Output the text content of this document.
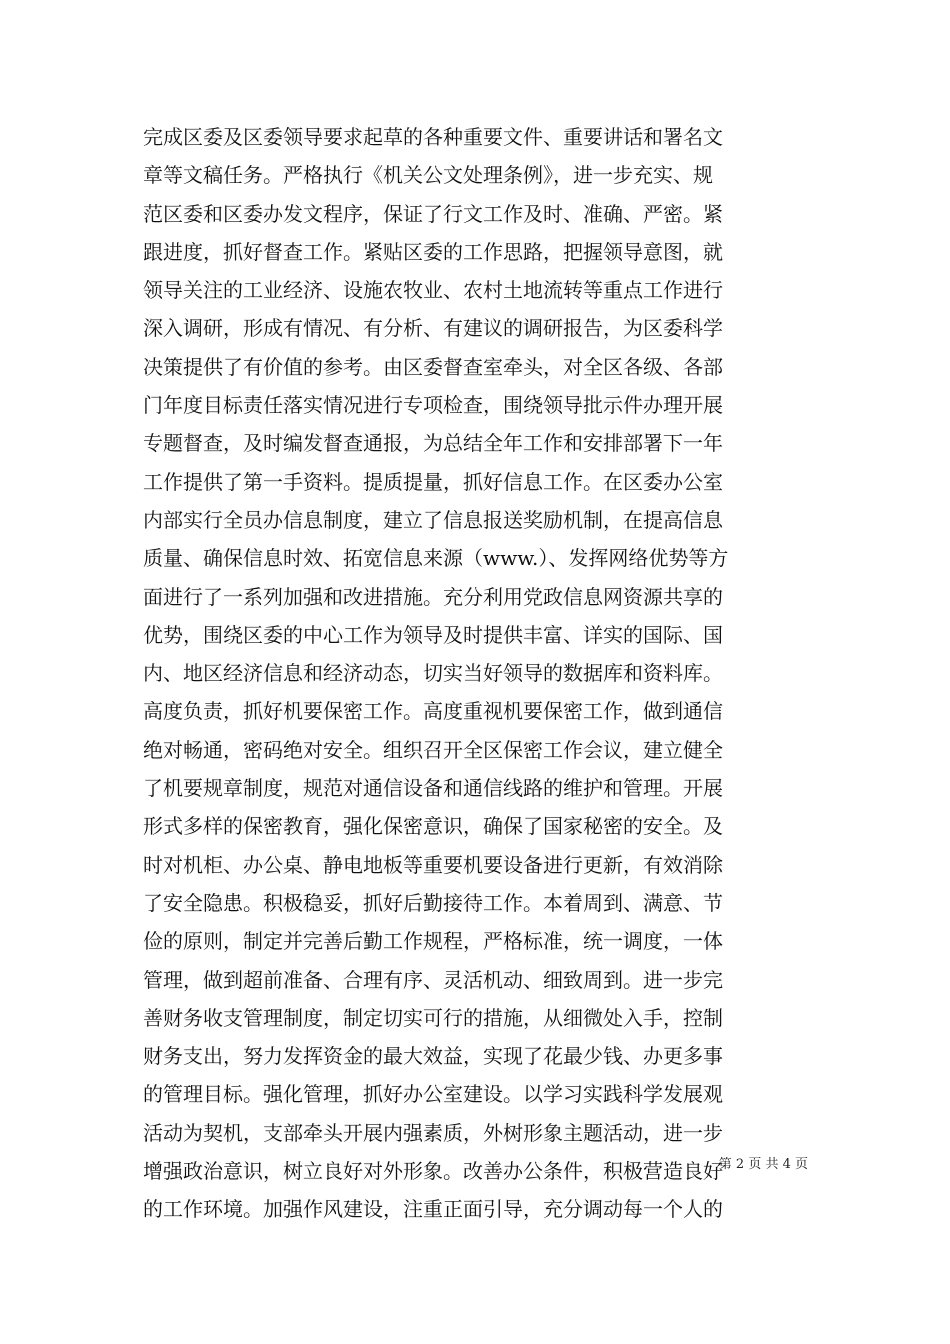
完成区委及区委领导要求起草的各种重要文件、重要讲话和署名文
章等文稿任务。严格执行《机关公文处理条例》，进一步充实、规
范区委和区委办发文程序，保证了行文工作及时、准确、严密。紧
跟进度，抓好督查工作。紧贴区委的工作思路，把握领导意图，就
领导关注的工业经济、设施农牧业、农村土地流转等重点工作进行
深入调研，形成有情况、有分析、有建议的调研报告，为区委科学
决策提供了有价值的参考。由区委督查室牵头，对全区各级、各部
门年度目标责任落实情况进行专项检查，围绕领导批示件办理开展
专题督查，及时编发督查通报，为总结全年工作和安排部署下一年
工作提供了第一手资料。提质提量，抓好信息工作。在区委办公室
内部实行全员办信息制度，建立了信息报送奖励机制，在提高信息
质量、确保信息时效、拓宽信息来源（www.）、发挥网络优势等方
面进行了一系列加强和改进措施。充分利用党政信息网资源共享的
优势，围绕区委的中心工作为领导及时提供丰富、详实的国际、国
内、地区经济信息和经济动态，切实当好领导的数据库和资料库。
高度负责，抓好机要保密工作。高度重视机要保密工作，做到通信
绝对畅通，密码绝对安全。组织召开全区保密工作会议，建立健全
了机要规章制度，规范对通信设备和通信线路的维护和管理。开展
形式多样的保密教育，强化保密意识，确保了国家秘密的安全。及
时对机柜、办公桌、静电地板等重要机要设备进行更新，有效消除
了安全隐患。积极稳妥，抓好后勤接待工作。本着周到、满意、节
俭的原则，制定并完善后勤工作规程，严格标准，统一调度，一体
管理，做到超前准备、合理有序、灵活机动、细致周到。进一步完
善财务收支管理制度，制定切实可行的措施，从细微处入手，控制
财务支出，努力发挥资金的最大效益，实现了花最少钱、办更多事
的管理目标。强化管理，抓好办公室建设。以学习实践科学发展观
活动为契机，支部牵头开展内强素质，外树形象主题活动，进一步
增强政治意识，树立良好对外形象。改善办公条件，积极营造良好
的工作环境。加强作风建设，注重正面引导，充分调动每一个人的
第 2 页 共 4 页
